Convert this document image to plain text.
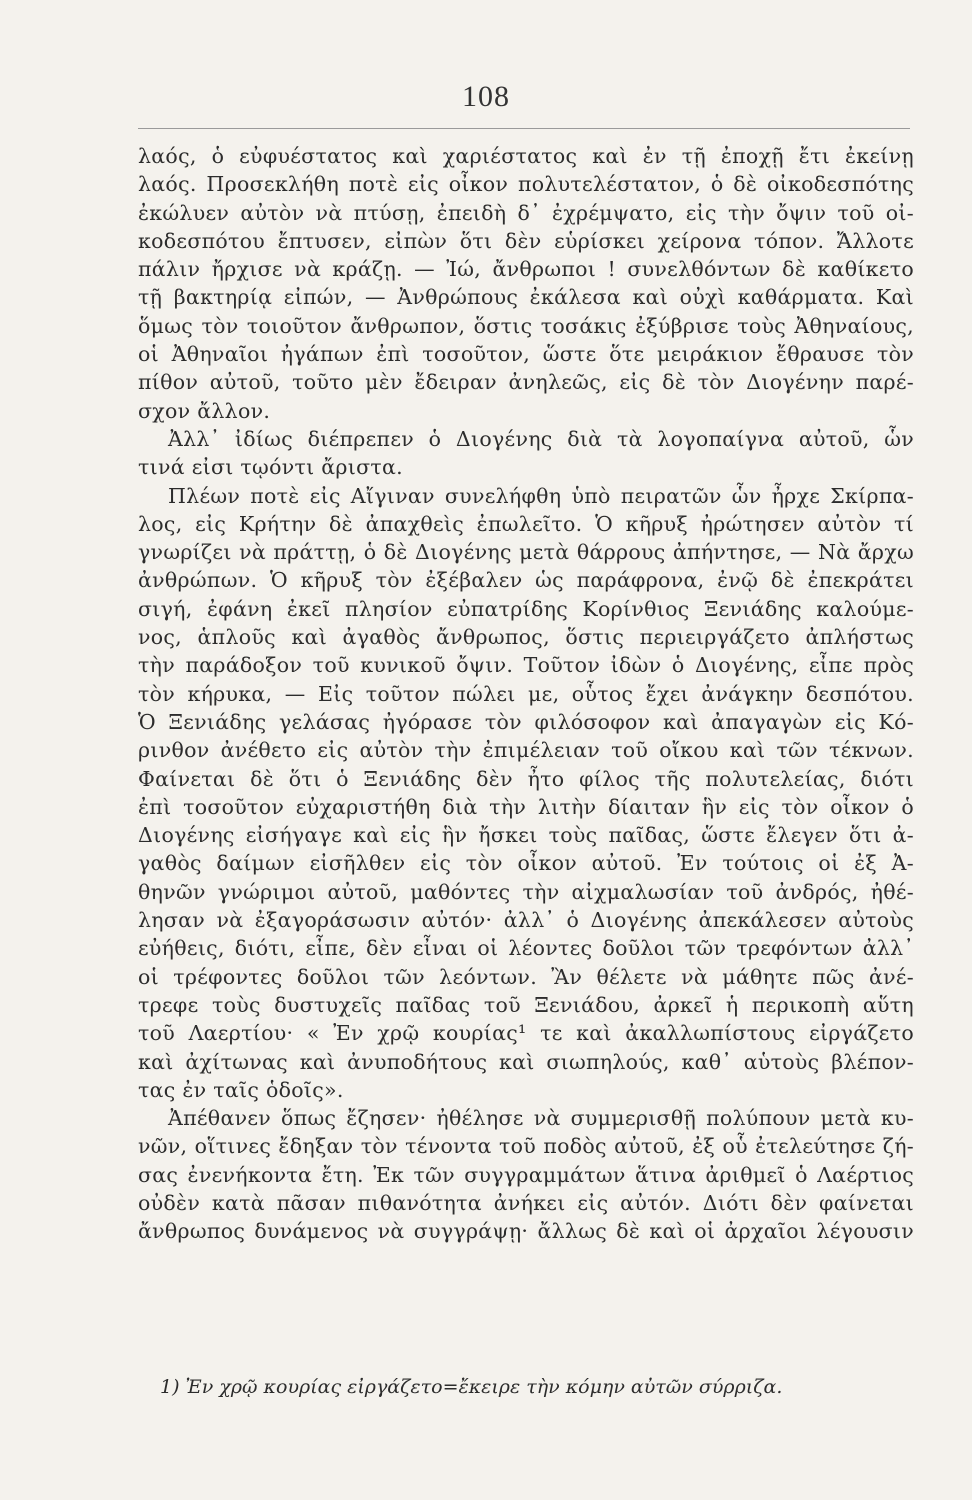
108
λαός, ὁ εὐφυέστατος καὶ χαριέστατος καὶ ἐν τῇ ἐποχῇ ἔτι ἐκείνῃ
λαός. Προσεκλήθη ποτὲ εἰς οἶκον πολυτελέστατον, ὁ δὲ οἰκοδεσπότης
ἐκώλυεν αὐτὸν νὰ πτύσῃ, ἐπειδὴ δ᾽ ἐχρέμψατο, εἰς τὴν ὄψιν τοῦ οἰ-
κοδεσπότου ἔπτυσεν, εἰπὼν ὅτι δὲν εὑρίσκει χείρονα τόπον. Ἄλλοτε
πάλιν ἤρχισε νὰ κράζῃ. — Ἰώ, ἄνθρωποι ! συνελθόντων δὲ καθίκετο
τῇ βακτηρίᾳ εἰπών, — Ἀνθρώπους ἐκάλεσα καὶ οὐχὶ καθάρματα. Καὶ
ὅμως τὸν τοιοῦτον ἄνθρωπον, ὅστις τοσάκις ἐξύβρισε τοὺς Ἀθηναίους,
οἱ Ἀθηναῖοι ἠγάπων ἐπὶ τοσοῦτον, ὥστε ὅτε μειράκιον ἔθραυσε τὸν
πίθον αὐτοῦ, τοῦτο μὲν ἔδειραν ἀνηλεῶς, εἰς δὲ τὸν Διογένην παρέ-
σχον ἄλλον.
Ἀλλ᾽ ἰδίως διέπρεπεν ὁ Διογένης διὰ τὰ λογοπαίγνα αὐτοῦ, ὧν
τινά εἰσι τῳόντι ἄριστα.
Πλέων ποτὲ εἰς Αἴγιναν συνελήφθη ὑπὸ πειρατῶν ὧν ἦρχε Σκίρπα-
λος, εἰς Κρήτην δὲ ἀπαχθεὶς ἐπωλεῖτο. Ὁ κῆρυξ ἠρώτησεν αὐτὸν τί
γνωρίζει νὰ πράττῃ, ὁ δὲ Διογένης μετὰ θάρρους ἀπήντησε, — Νὰ ἄρχω
ἀνθρώπων. Ὁ κῆρυξ τὸν ἐξέβαλεν ὡς παράφρονα, ἐνῷ δὲ ἐπεκράτει
σιγή, ἐφάνη ἐκεῖ πλησίον εὐπατρίδης Κορίνθιος Ξενιάδης καλούμε-
νος, ἁπλοῦς καὶ ἀγαθὸς ἄνθρωπος, ὅστις περιειργάζετο ἀπλήστως
τὴν παράδοξον τοῦ κυνικοῦ ὄψιν. Τοῦτον ἰδὼν ὁ Διογένης, εἶπε πρὸς
τὸν κήρυκα, — Εἰς τοῦτον πώλει με, οὗτος ἔχει ἀνάγκην δεσπότου.
Ὁ Ξενιάδης γελάσας ἠγόρασε τὸν φιλόσοφον καὶ ἀπαγαγὼν εἰς Κό-
ρινθον ἀνέθετο εἰς αὐτὸν τὴν ἐπιμέλειαν τοῦ οἴκου καὶ τῶν τέκνων.
Φαίνεται δὲ ὅτι ὁ Ξενιάδης δὲν ἦτο φίλος τῆς πολυτελείας, διότι
ἐπὶ τοσοῦτον εὐχαριστήθη διὰ τὴν λιτὴν δίαιταν ἣν εἰς τὸν οἶκον ὁ
Διογένης εἰσήγαγε καὶ εἰς ἣν ἤσκει τοὺς παῖδας, ὥστε ἔλεγεν ὅτι ἀ-
γαθὸς δαίμων εἰσῆλθεν εἰς τὸν οἶκον αὐτοῦ. Ἐν τούτοις οἱ ἐξ Ἀ-
θηνῶν γνώριμοι αὐτοῦ, μαθόντες τὴν αἰχμαλωσίαν τοῦ ἀνδρός, ἠθέ-
λησαν νὰ ἐξαγοράσωσιν αὐτόν· ἀλλ᾽ ὁ Διογένης ἀπεκάλεσεν αὐτοὺς
εὐήθεις, διότι, εἶπε, δὲν εἶναι οἱ λέοντες δοῦλοι τῶν τρεφόντων ἀλλ᾽
οἱ τρέφοντες δοῦλοι τῶν λεόντων. Ἂν θέλετε νὰ μάθητε πῶς ἀνέ-
τρεφε τοὺς δυστυχεῖς παῖδας τοῦ Ξενιάδου, ἀρκεῖ ἡ περικοπὴ αὕτη
τοῦ Λαερτίου· « Ἐν χρῷ κουρίας¹ τε καὶ ἀκαλλωπίστους εἰργάζετο
καὶ ἀχίτωνας καὶ ἀνυποδήτους καὶ σιωπηλούς, καθ᾽ αὑτοὺς βλέπον-
τας ἐν ταῖς ὁδοῖς».
Ἀπέθανεν ὅπως ἔζησεν· ἠθέλησε νὰ συμμερισθῇ πολύπουν μετὰ κυ-
νῶν, οἵτινες ἔδηξαν τὸν τένοντα τοῦ ποδὸς αὐτοῦ, ἐξ οὗ ἐτελεύτησε ζή-
σας ἐνενήκοντα ἔτη. Ἐκ τῶν συγγραμμάτων ἅτινα ἀριθμεῖ ὁ Λαέρτιος
οὐδὲν κατὰ πᾶσαν πιθανότητα ἀνήκει εἰς αὐτόν. Διότι δὲν φαίνεται
ἄνθρωπος δυνάμενος νὰ συγγράψῃ· ἄλλως δὲ καὶ οἱ ἀρχαῖοι λέγουσιν
1) Ἐν χρῷ κουρίας εἰργάζετο=ἔκειρε τὴν κόμην αὐτῶν σύρριζα.
